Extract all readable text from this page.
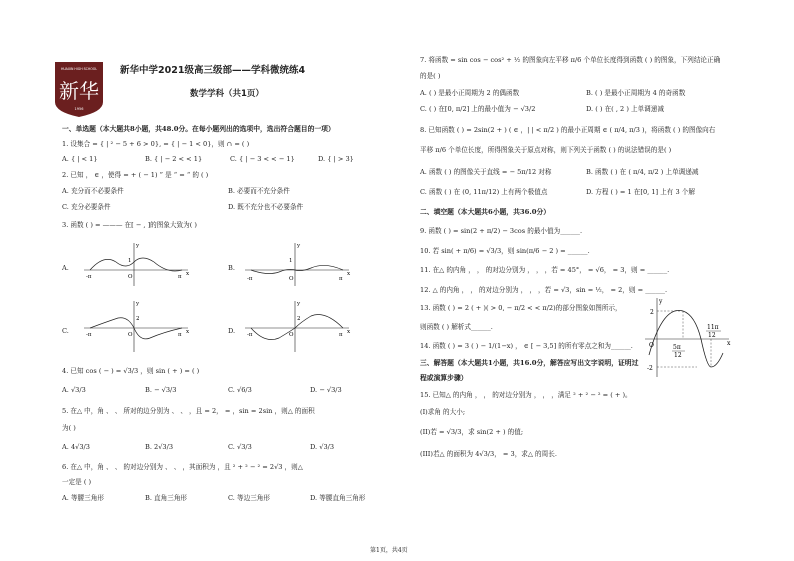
HUAXIN HIGH SCHOOL
新华
1956
新华中学2021级高三级部——学科微统练4
数学学科（共1页）
一、单选题（本大题共8小题，共48.0分。在每小题列出的选项中，选出符合题目的一项）
1. 设集合 = { | ² − 5 + 6 > 0}, = { | − 1 < 0}，则 ∩ = ( )
A. { | < 1}	B. { | − 2 < < 1}	C. { | − 3 < < − 1}	D. { | > 3}
2. 已知 ， ∈ ，使得 = + ( − 1) ” 是 “ = “ 的 ( )
A. 充分而不必要条件	B. 必要而不充分条件
C. 充分必要条件	D. 既不充分也不必要条件
3. 函数 ( ) = ——— 在[ − , ]的图象大致为( )
A.
-π	π
O	x
y
1
B.
-π	π
O
x
y
1
C.	-π	π
O	x
y
2
D. -π	π
O	x
y
2
4. 已知 cos ( − ) = √3/3 ，则 sin ( + ) = ( )
A. √3/3	B. − √3/3	C. √6/3	D. − √3/3
5. 在△ 中，角 、 、 所对的边分别为 、 、 ，且 = 2， = ，sin = 2sin ，则△ 的面积
为( )
A. 4√3/3	B. 2√3/3	C. √3/3	D. √3/3
6. 在△ 中，角 、 、 的对边分别为 、 、 ，其面积为 ，且 ² + ² − ² = 2√3 ，则△
一定是 ( )
A. 等腰三角形	B. 直角三角形	C. 等边三角形	D. 等腰直角三角形
7. 将函数 = sin cos − cos² + ½ 的图象向左平移 π/6 个单位长度得到函数 ( ) 的图象，下列结论正确
的是( )
A. ( ) 是最小正周期为 2 的偶函数	B. ( ) 是最小正周期为 4 的奇函数
C. ( ) 在[0, π/2] 上的最小值为 − √3/2	D. ( ) 在( , 2 ) 上单调递减
8. 已知函数 ( ) = 2sin(2 + ) ( ∈ ，| | < π/2 ) 的最小正周期 ∈ ( π/4, π/3 )，将函数 ( ) 的图像向右
平移 π/6 个单位长度，所得图象关于原点对称，则下列关于函数 ( ) 的说法错误的是( )
A. 函数 ( ) 的图像关于直线 = − 5π/12 对称	B. 函数 ( ) 在 ( π/4, π/2 ) 上单调递减
C. 函数 ( ) 在 (0, 11π/12) 上有两个极值点	D. 方程 ( ) = 1 在[0, 1] 上有 3 个解
二、填空题（本大题共6小题，共36.0分）
9. 函数 ( ) = sin(2 + π/2) − 3cos 的最小值为______.
10. 若 sin( + π/6) = √3/3，则 sin(π/6 − 2 ) = ______.
11. 在△ 的内角 ， ， 的对边分别为 ， ， ，若 = 45°， = √6， = 3，则 = ______.
12. △ 的内角 ， ， 的对边分别为 ， ， ，若 = √3，sin = ½， = 2，则 = ______.
13. 函数 ( ) = 2 ( + )( > 0, − π/2 < < π/2)的部分图象如图所示，
则函数 ( ) 解析式______.
14. 函数 ( ) = 3 ( ) − 1/(1−x) ， ∈ [ − 3,5] 的所有零点之和为______.
2
-2
O	x
y
5π
12
11π
12
三、解答题（本大题共1小题，共16.0分，解答应写出文字说明，证明过
程或演算步骤）
15. 已知△ 的内角 ， ， 的对边分别为 ， ， ，满足 ² + ² − ² = ( + )。
(I)求角 的大小;
(II)若 = √3/3，求 sin(2 + ) 的值;
(III)若△ 的面积为 4√3/3， = 3，求△ 的周长.
第1页，共4页
